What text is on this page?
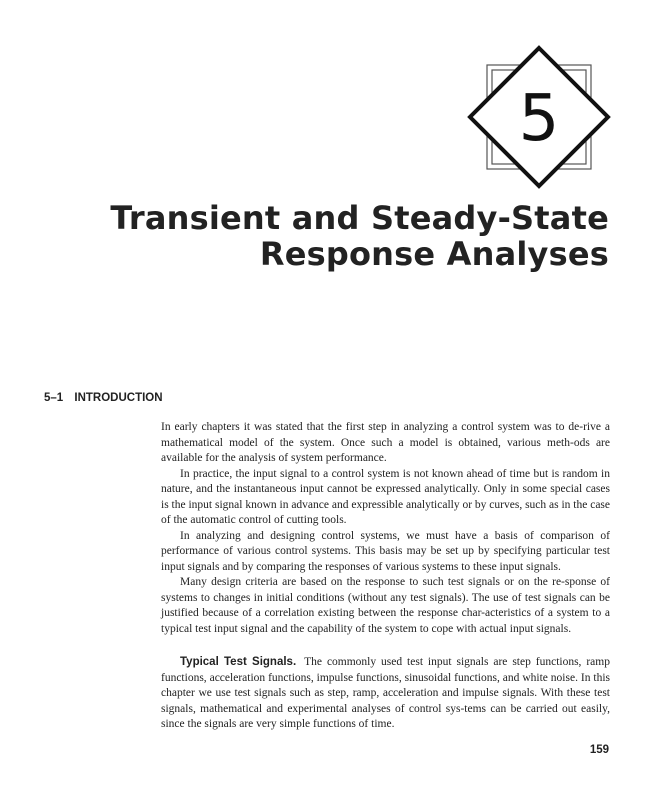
5
Transient and Steady-State
Response Analyses
5–1 INTRODUCTION

In early chapters it was stated that the first step in analyzing a control system was to de-rive a mathematical model of the system. Once such a model is obtained, various meth-ods are available for the analysis of system performance.

In practice, the input signal to a control system is not known ahead of time but is random in nature, and the instantaneous input cannot be expressed analytically. Only in some special cases is the input signal known in advance and expressible analytically or by curves, such as in the case of the automatic control of cutting tools.

In analyzing and designing control systems, we must have a basis of comparison of performance of various control systems. This basis may be set up by specifying particular test input signals and by comparing the responses of various systems to these input signals.

Many design criteria are based on the response to such test signals or on the re-sponse of systems to changes in initial conditions (without any test signals). The use of test signals can be justified because of a correlation existing between the response char-acteristics of a system to a typical test input signal and the capability of the system to cope with actual input signals.

Typical Test Signals. The commonly used test input signals are step functions, ramp functions, acceleration functions, impulse functions, sinusoidal functions, and white noise. In this chapter we use test signals such as step, ramp, acceleration and impulse signals. With these test signals, mathematical and experimental analyses of control sys-tems can be carried out easily, since the signals are very simple functions of time.

159
